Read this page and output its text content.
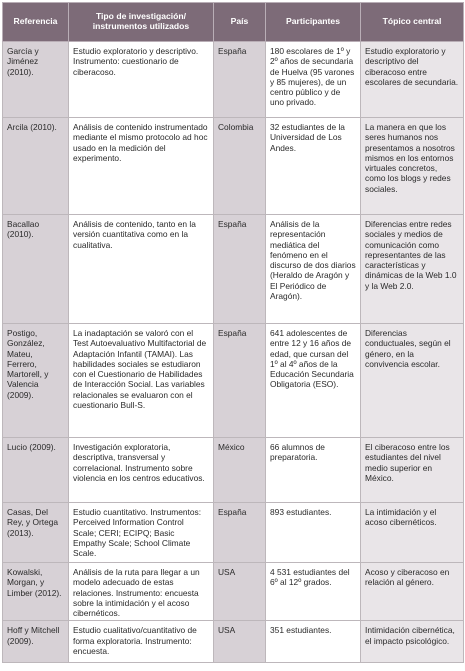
Referencia	Tipo de investigación/ instrumentos utilizados	País	Participantes	Tópico central
García y Jiménez (2010).	Estudio exploratorio y descriptivo. Instrumento: cuestionario de ciberacoso.	España	180 escolares de 1º y 2º años de secundaria de Huelva (95 varones y 85 mujeres), de un centro público y de uno privado.	Estudio exploratorio y descriptivo del ciberacoso entre escolares de secundaria.
Arcila (2010).	Análisis de contenido instrumentado mediante el mismo protocolo ad hoc usado en la medición del experimento.	Colombia	32 estudiantes de la Universidad de Los Andes.	La manera en que los seres humanos nos presentamos a nosotros mismos en los entornos virtuales concretos, como los blogs y redes sociales.
Bacallao (2010).	Análisis de contenido, tanto en la versión cuantitativa como en la cualitativa.	España	Análisis de la representación mediática del fenómeno en el discurso de dos diarios (Heraldo de Aragón y El Periódico de Aragón).	Diferencias entre redes sociales y medios de comunicación como representantes de las características y dinámicas de la Web 1.0 y la Web 2.0.
Postigo, González, Mateu, Ferrero, Martorell, y Valencia (2009).	La inadaptación se valoró con el Test Autoevaluativo Multifactorial de Adaptación Infantil (TAMAI). Las habilidades sociales se estudiaron con el Cuestionario de Habilidades de Interacción Social. Las variables relacionales se evaluaron con el cuestionario Bull-S.	España	641 adolescentes de entre 12 y 16 años de edad, que cursan del 1º al 4º años de la Educación Secundaria Obligatoria (ESO).	Diferencias conductuales, según el género, en la convivencia escolar.
Lucio (2009).	Investigación exploratoria, descriptiva, transversal y correlacional. Instrumento sobre violencia en los centros educativos.	México	66 alumnos de preparatoria.	El ciberacoso entre los estudiantes del nivel medio superior en México.
Casas, Del Rey, y Ortega (2013).	Estudio cuantitativo. Instrumentos: Perceived Information Control Scale; CERI; ECIPQ; Basic Empathy Scale; School Climate Scale.	España	893 estudiantes.	La intimidación y el acoso cibernéticos.
Kowalski, Morgan, y Limber (2012).	Análisis de la ruta para llegar a un modelo adecuado de estas relaciones. Instrumento: encuesta sobre la intimidación y el acoso cibernéticos.	USA	4 531 estudiantes del 6º al 12º grados.	Acoso y ciberacoso en relación al género.
Hoff y Mitchell (2009).	Estudio cualitativo/cuantitativo de forma exploratoria. Instrumento: encuesta.	USA	351 estudiantes.	Intimidación cibernética, el impacto psicológico.
